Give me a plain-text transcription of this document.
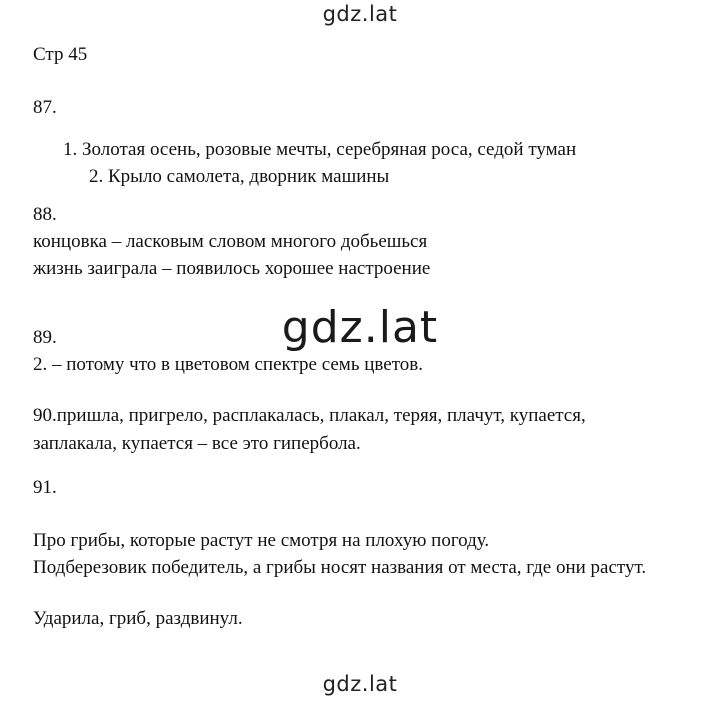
gdz.lat
Стр 45
87.
1. Золотая осень, розовые мечты, серебряная роса, седой туман
2. Крыло самолета, дворник машины
88.
концовка – ласковым словом многого добьешься
жизнь заиграла – появилось хорошее настроение
89.
2. – потому что в цветовом спектре семь цветов.
90.пришла, пригрело, расплакалась, плакал, теряя, плачут, купается,
заплакала, купается – все это гипербола.
91.
Про грибы, которые растут не смотря на плохую погоду.
Подберезовик победитель, а грибы носят названия от места, где они растут.
Ударила, гриб, раздвинул.
gdz.lat
gdz.lat
